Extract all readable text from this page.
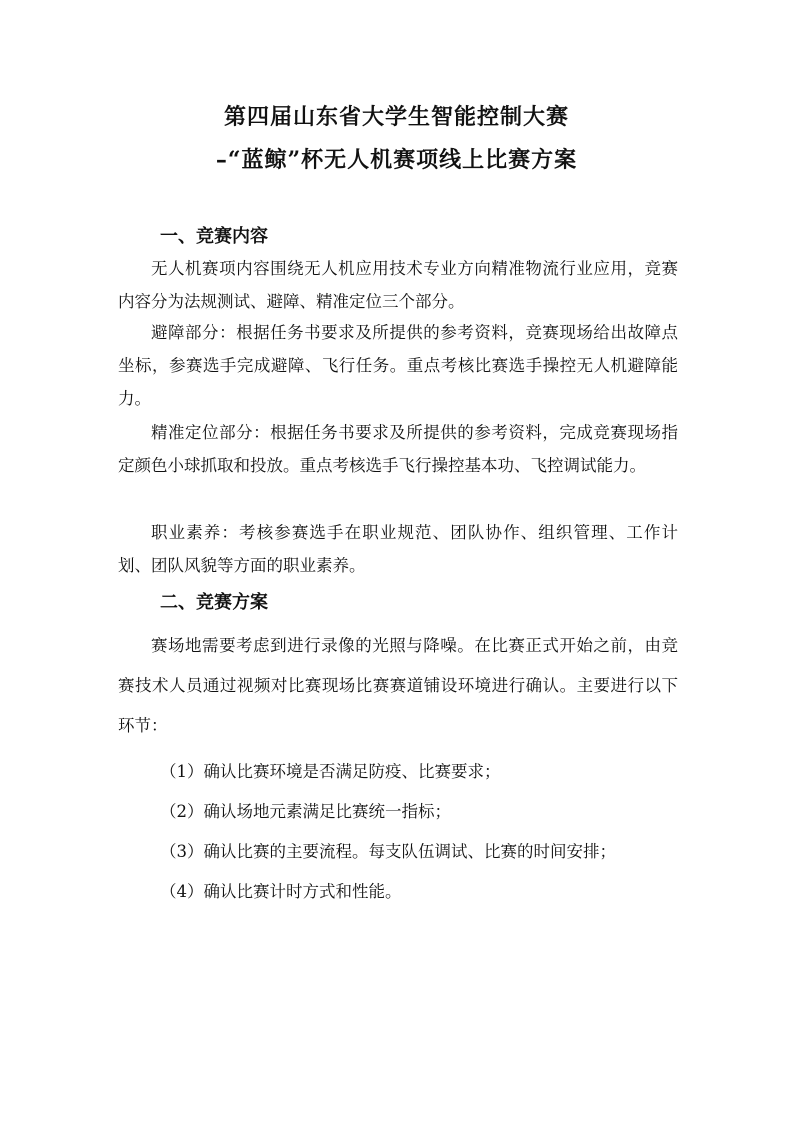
第四届山东省大学生智能控制大赛
–“蓝鲸”杯无人机赛项线上比赛方案
一、竞赛内容

无人机赛项内容围绕无人机应用技术专业方向精准物流行业应用，竞赛内容分为法规测试、避障、精准定位三个部分。

避障部分：根据任务书要求及所提供的参考资料，竞赛现场给出故障点坐标，参赛选手完成避障、飞行任务。重点考核比赛选手操控无人机避障能力。

精准定位部分：根据任务书要求及所提供的参考资料，完成竞赛现场指定颜色小球抓取和投放。重点考核选手飞行操控基本功、飞控调试能力。

职业素养：考核参赛选手在职业规范、团队协作、组织管理、工作计划、团队风貌等方面的职业素养。

二、竞赛方案

赛场地需要考虑到进行录像的光照与降噪。在比赛正式开始之前，由竞赛技术人员通过视频对比赛现场比赛赛道铺设环境进行确认。主要进行以下环节：

（1）确认比赛环境是否满足防疫、比赛要求；
（2）确认场地元素满足比赛统一指标；
（3）确认比赛的主要流程。每支队伍调试、比赛的时间安排；
（4）确认比赛计时方式和性能。
